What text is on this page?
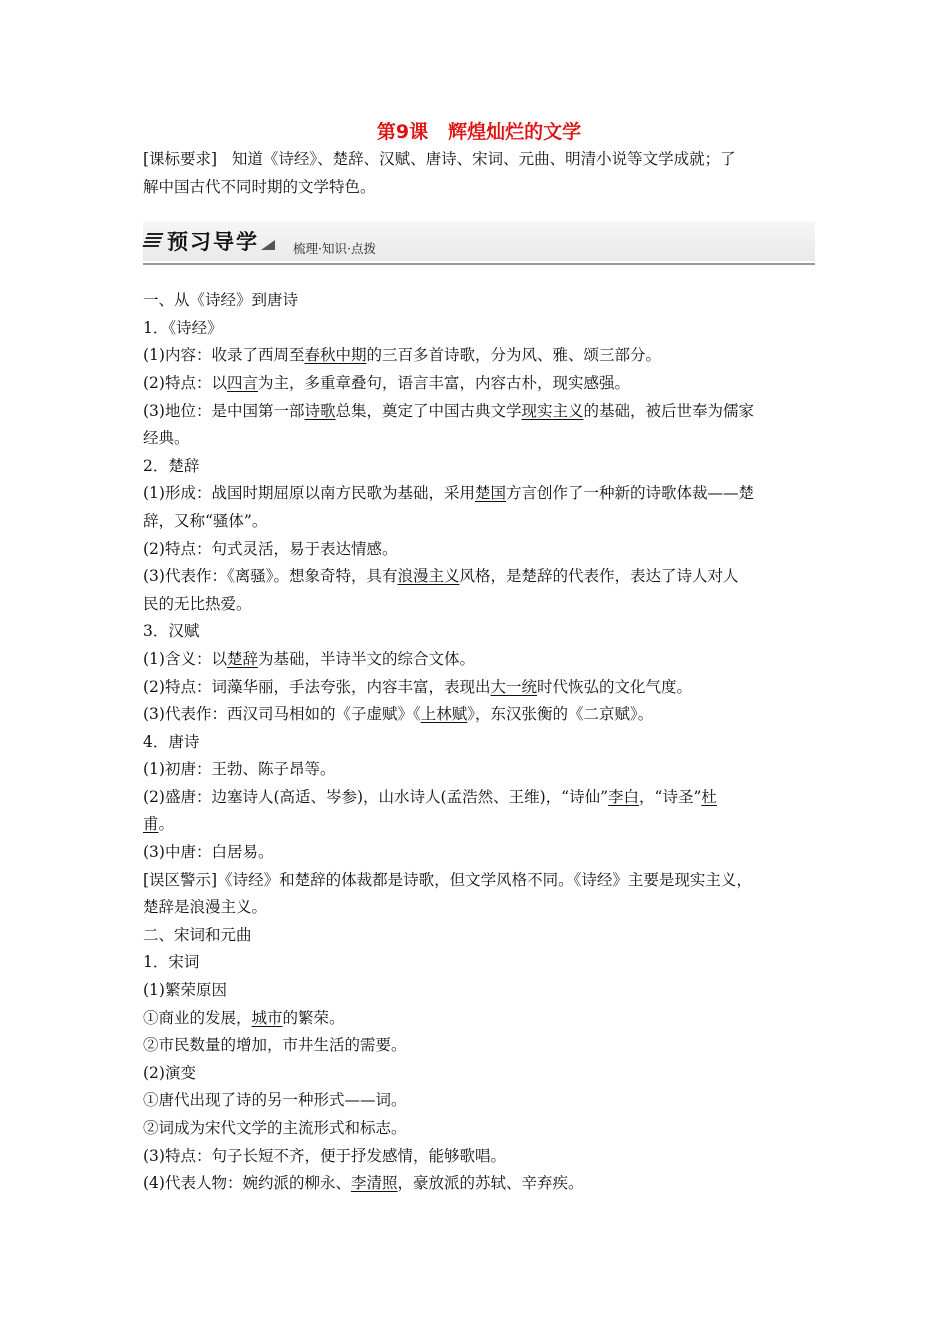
第9课 辉煌灿烂的文学

[课标要求] 知道《诗经》、楚辞、汉赋、唐诗、宋词、元曲、明清小说等文学成就；了

解中国古代不同时期的文学特色。

预习导学	梳理·知识·点拨

一、从《诗经》到唐诗

1．《诗经》

(1)内容：收录了西周至春秋中期的三百多首诗歌，分为风、雅、颂三部分。

(2)特点：以四言为主，多重章叠句，语言丰富，内容古朴，现实感强。

(3)地位：是中国第一部诗歌总集，奠定了中国古典文学现实主义的基础，被后世奉为儒家

经典。

2．楚辞

(1)形成：战国时期屈原以南方民歌为基础，采用楚国方言创作了一种新的诗歌体裁——楚

辞，又称“骚体”。

(2)特点：句式灵活，易于表达情感。

(3)代表作：《离骚》。想象奇特，具有浪漫主义风格，是楚辞的代表作，表达了诗人对人

民的无比热爱。

3．汉赋

(1)含义：以楚辞为基础，半诗半文的综合文体。

(2)特点：词藻华丽，手法夸张，内容丰富，表现出大一统时代恢弘的文化气度。

(3)代表作：西汉司马相如的《子虚赋》《上林赋》，东汉张衡的《二京赋》。

4．唐诗

(1)初唐：王勃、陈子昂等。

(2)盛唐：边塞诗人(高适、岑参)，山水诗人(孟浩然、王维)，“诗仙”李白，“诗圣”杜

甫。

(3)中唐：白居易。

[误区警示]《诗经》和楚辞的体裁都是诗歌，但文学风格不同。《诗经》主要是现实主义，

楚辞是浪漫主义。

二、宋词和元曲

1．宋词

(1)繁荣原因

①商业的发展，城市的繁荣。

②市民数量的增加，市井生活的需要。

(2)演变

①唐代出现了诗的另一种形式——词。

②词成为宋代文学的主流形式和标志。

(3)特点：句子长短不齐，便于抒发感情，能够歌唱。

(4)代表人物：婉约派的柳永、李清照，豪放派的苏轼、辛弃疾。
